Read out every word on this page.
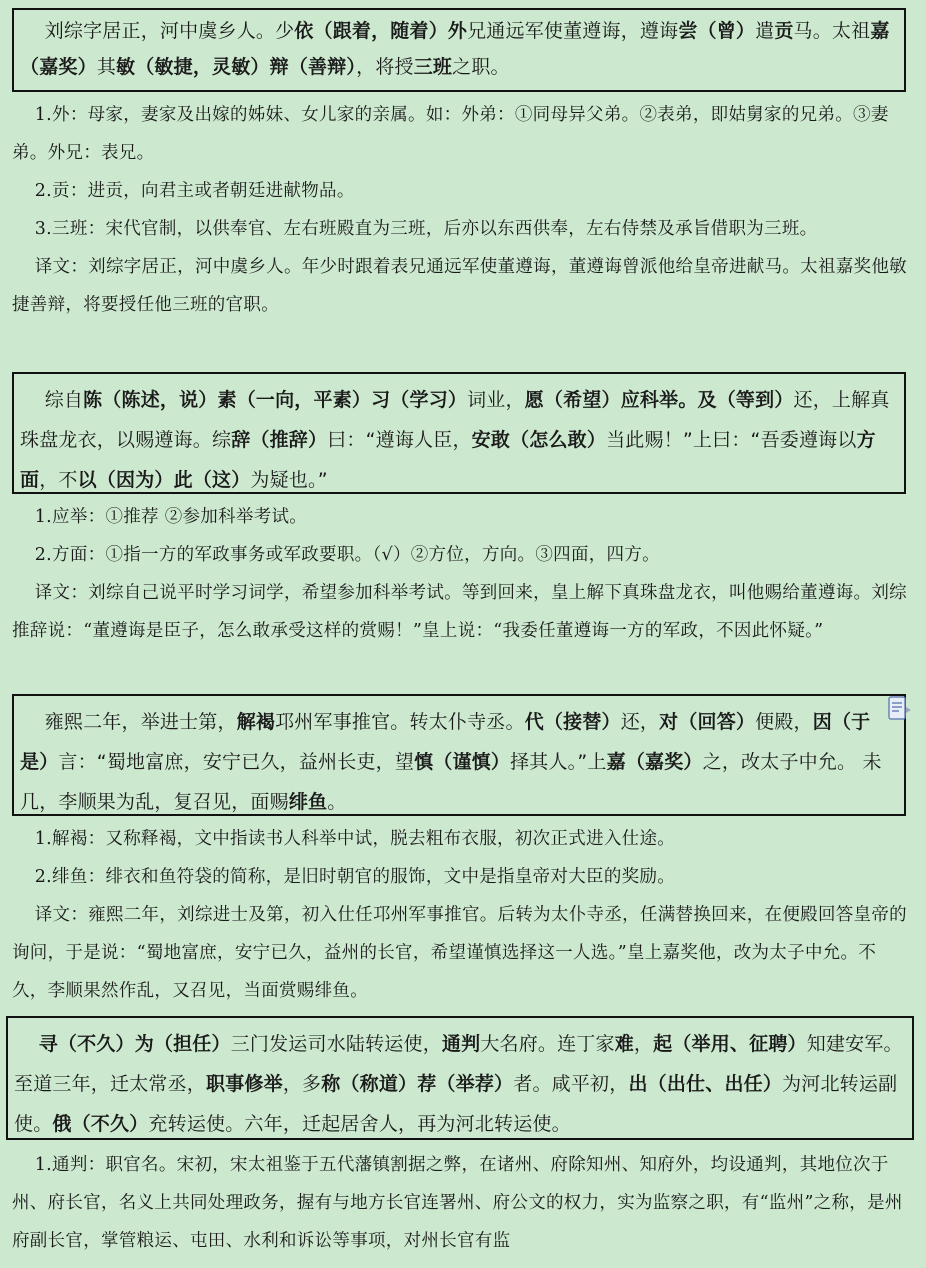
刘综字居正，河中虞乡人。少依（跟着，随着）外兄通远军使董遵诲，遵诲尝（曾）遣贡马。太祖嘉（嘉奖）其敏（敏捷，灵敏）辩（善辩），将授三班之职。

1.外：母家，妻家及出嫁的姊妹、女儿家的亲属。如：外弟：①同母异父弟。②表弟，即姑舅家的兄弟。③妻弟。外兄：表兄。

2.贡：进贡，向君主或者朝廷进献物品。

3.三班：宋代官制，以供奉官、左右班殿直为三班，后亦以东西供奉，左右侍禁及承旨借职为三班。

译文：刘综字居正，河中虞乡人。年少时跟着表兄通远军使董遵诲，董遵诲曾派他给皇帝进献马。太祖嘉奖他敏捷善辩，将要授任他三班的官职。

综自陈（陈述，说）素（一向，平素）习（学习）词业，愿（希望）应科举。及（等到）还，上解真珠盘龙衣，以赐遵诲。综辞（推辞）曰：“遵诲人臣，安敢（怎么敢）当此赐！”上曰：“吾委遵诲以方面，不以（因为）此（这）为疑也。”

1.应举：①推荐 ②参加科举考试。

2.方面：①指一方的军政事务或军政要职。（√）②方位，方向。③四面，四方。

译文：刘综自己说平时学习词学，希望参加科举考试。等到回来，皇上解下真珠盘龙衣，叫他赐给董遵诲。刘综推辞说：“董遵诲是臣子，怎么敢承受这样的赏赐！”皇上说：“我委任董遵诲一方的军政，不因此怀疑。”

雍熙二年，举进士第，解褐邛州军事推官。转太仆寺丞。代（接替）还，对（回答）便殿，因（于是）言：“蜀地富庶，安宁已久，益州长吏，望慎（谨慎）择其人。”上嘉（嘉奖）之，改太子中允。 未几，李顺果为乱，复召见，面赐绯鱼。

1.解褐：又称释褐，文中指读书人科举中试，脱去粗布衣服，初次正式进入仕途。

2.绯鱼：绯衣和鱼符袋的简称，是旧时朝官的服饰，文中是指皇帝对大臣的奖励。

译文：雍熙二年，刘综进士及第，初入仕任邛州军事推官。后转为太仆寺丞，任满替换回来，在便殿回答皇帝的询问，于是说：“蜀地富庶，安宁已久，益州的长官，希望谨慎选择这一人选。”皇上嘉奖他，改为太子中允。不久，李顺果然作乱，又召见，当面赏赐绯鱼。

寻（不久）为（担任）三门发运司水陆转运使，通判大名府。连丁家难，起（举用、征聘）知建安军。至道三年，迁太常丞，职事修举，多称（称道）荐（举荐）者。咸平初，出（出仕、出任）为河北转运副使。俄（不久）充转运使。六年，迁起居舍人，再为河北转运使。

1.通判：职官名。宋初，宋太祖鉴于五代藩镇割据之弊，在诸州、府除知州、知府外，均设通判，其地位次于州、府长官，名义上共同处理政务，握有与地方长官连署州、府公文的权力，实为监察之职，有“监州”之称，是州府副长官，掌管粮运、屯田、水利和诉讼等事项，对州长官有监
